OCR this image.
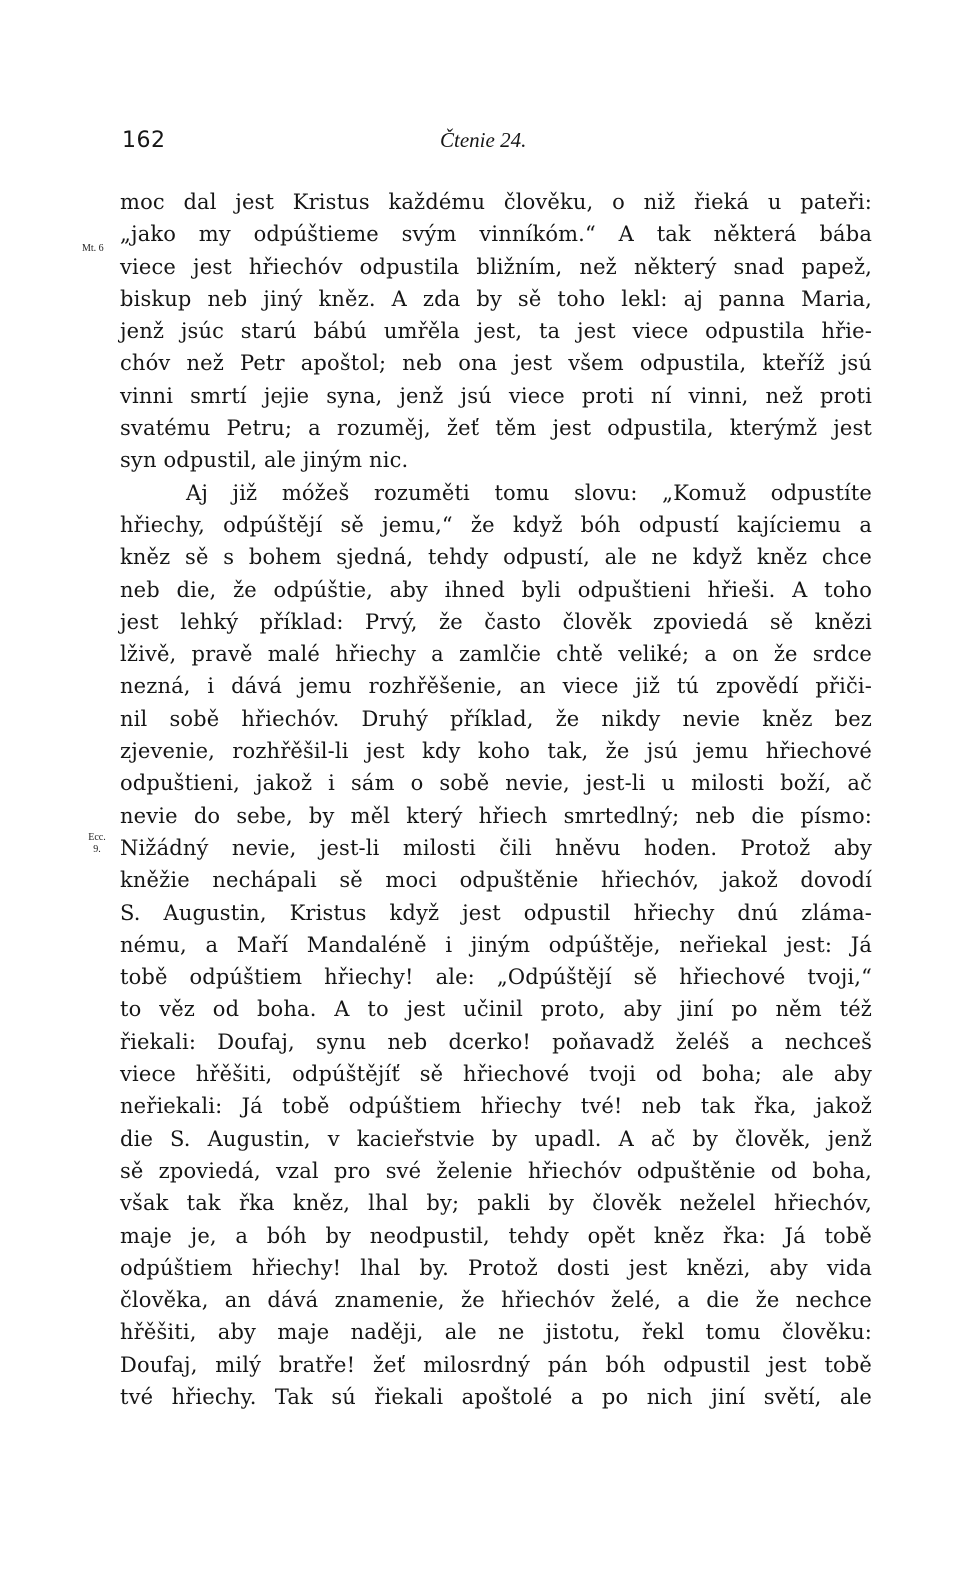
162	Čtenie 24.
Mt. 6
Ecc.
9.
moc dal jest Kristus každému člověku, o niž řieká u pateři:
„jako my odpúštieme svým vinníkóm.“ A tak některá bába
viece jest hřiechóv odpustila bližním, než některý snad papež,
biskup neb jiný kněz. A zda by sě toho lekl: aj panna Maria,
jenž jsúc starú bábú umřěla jest, ta jest viece odpustila hřie-
chóv než Petr apoštol; neb ona jest všem odpustila, kteříž jsú
vinni smrtí jejie syna, jenž jsú viece proti ní vinni, než proti
svatému Petru; a rozuměj, žeť těm jest odpustila, kterýmž jest
syn odpustil, ale jiným nic.
Aj již móžeš rozuměti tomu slovu: „Komuž odpustíte
hřiechy, odpúštějí sě jemu,“ že když bóh odpustí kajíciemu a
kněz sě s bohem sjedná, tehdy odpustí, ale ne když kněz chce
neb die, že odpúštie, aby ihned byli odpuštieni hřieši. A toho
jest lehký příklad: Prvý, že často člověk zpoviedá sě knězi
lživě, pravě malé hřiechy a zamlčie chtě veliké; a on že srdce
nezná, i dává jemu rozhřěšenie, an viece již tú zpovědí přiči-
nil sobě hřiechóv. Druhý příklad, že nikdy nevie kněz bez
zjevenie, rozhřěšil-li jest kdy koho tak, že jsú jemu hřiechové
odpuštieni, jakož i sám o sobě nevie, jest-li u milosti boží, ač
nevie do sebe, by měl který hřiech smrtedlný; neb die písmo:
Nižádný nevie, jest-li milosti čili hněvu hoden. Protož aby
kněžie nechápali sě moci odpuštěnie hřiechóv, jakož dovodí
S. Augustin, Kristus když jest odpustil hřiechy dnú zláma-
nému, a Maří Mandaléně i jiným odpúštěje, neřiekal jest: Já
tobě odpúštiem hřiechy! ale: „Odpúštějí sě hřiechové tvoji,“
to věz od boha. A to jest učinil proto, aby jiní po něm též
řiekali: Doufaj, synu neb dcerko! poňavadž želéš a nechceš
viece hřěšiti, odpúštějíť sě hřiechové tvoji od boha; ale aby
neřiekali: Já tobě odpúštiem hřiechy tvé! neb tak řka, jakož
die S. Augustin, v kacieřstvie by upadl. A ač by člověk, jenž
sě zpoviedá, vzal pro své želenie hřiechóv odpuštěnie od boha,
však tak řka kněz, lhal by; pakli by člověk neželel hřiechóv,
maje je, a bóh by neodpustil, tehdy opět kněz řka: Já tobě
odpúštiem hřiechy! lhal by. Protož dosti jest knězi, aby vida
člověka, an dává znamenie, že hřiechóv želé, a die že nechce
hřěšiti, aby maje naději, ale ne jistotu, řekl tomu člověku:
Doufaj, milý bratře! žeť milosrdný pán bóh odpustil jest tobě
tvé hřiechy. Tak sú řiekali apoštolé a po nich jiní světí, ale
